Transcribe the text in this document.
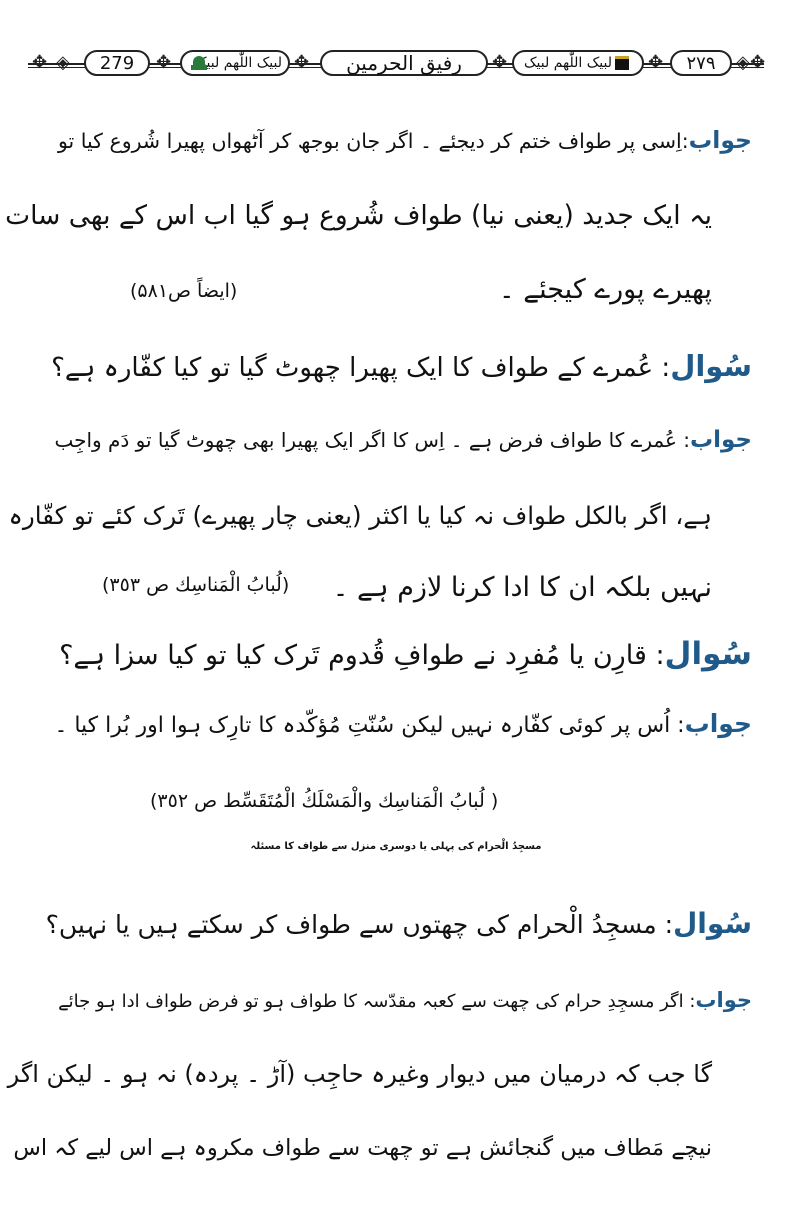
✥ ◈	279	✥ لبیک اللّٰھم لبیک ✥	رفیق الحرمین	✥ لبیک اللّٰھم لبیک ✥	۲۷۹	◈ ✥
جواب:اِسی پر طواف ختم کر دیجئے ۔ اگر جان بوجھ کر آٹھواں پھیرا شُروع کیا تو
یہ ایک جدید (یعنی نیا) طواف شُروع ہو گیا اب اس کے بھی سات
پھیرے پورے کیجئے ۔
(ایضاً ص۵۸۱)
سُوال: عُمرے کے طواف کا ایک پھیرا چھوٹ گیا تو کیا کفّارہ ہے؟
جواب: عُمرے کا طواف فرض ہے ۔ اِس کا اگر ایک پھیرا بھی چھوٹ گیا تو دَم واجِب
ہے، اگر بالکل طواف نہ کیا یا اکثر (یعنی چار پھیرے) تَرک کئے تو کفّارہ
نہیں بلکہ ان کا ادا کرنا لازم ہے ۔
(لُبابُ الْمَناسِك ص ٣٥٣)
سُوال: قارِن یا مُفرِد نے طوافِ قُدوم تَرک کیا تو کیا سزا ہے؟
جواب: اُس پر کوئی کفّارہ نہیں لیکن سُنّتِ مُؤکّدہ کا تارِک ہوا اور بُرا کیا ۔
( لُبابُ الْمَناسِك والْمَسْلَكُ الْمُتَقَسِّط ص ٣٥٢)
مسجِدُ الْحرام کی پہلی یا دوسری منزل سے طواف کا مسئلہ
سُوال: مسجِدُ الْحرام کی چھتوں سے طواف کر سکتے ہیں یا نہیں؟
جواب: اگر مسجِدِ حرام کی چھت سے کعبہ مقدّسہ کا طواف ہو تو فرض طواف ادا ہو جائے
گا جب کہ درمیان میں دیوار وغیرہ حاجِب (آڑ ۔ پردہ) نہ ہو ۔ لیکن اگر
نیچے مَطاف میں گنجائش ہے تو چھت سے طواف مکروہ ہے اس لیے کہ اس
